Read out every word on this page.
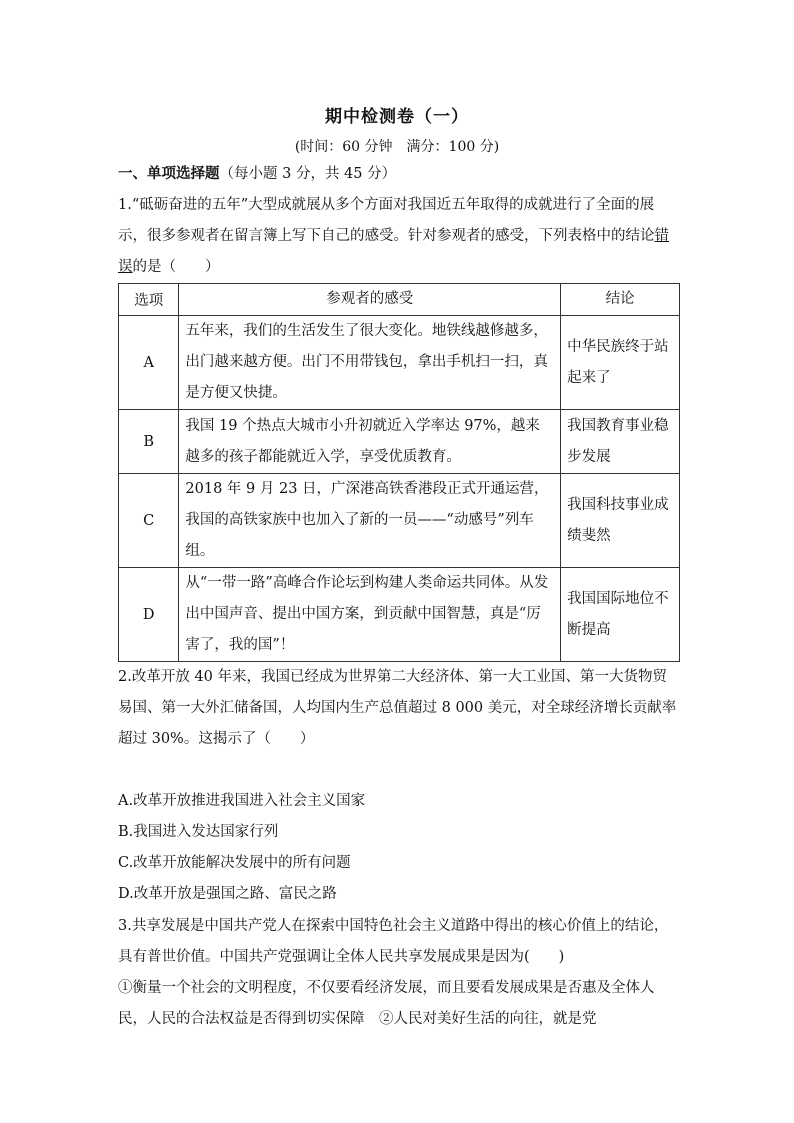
期中检测卷（一）
(时间：60 分钟　满分：100 分)
一、单项选择题（每小题 3 分，共 45 分）
1.“砥砺奋进的五年”大型成就展从多个方面对我国近五年取得的成就进行了全面的展示，很多参观者在留言簿上写下自己的感受。针对参观者的感受，下列表格中的结论错误的是（　　）
选项	参观者的感受	结论
A	五年来，我们的生活发生了很大变化。地铁线越修越多，出门越来越方便。出门不用带钱包，拿出手机扫一扫，真是方便又快捷。	中华民族终于站起来了
B	我国 19 个热点大城市小升初就近入学率达 97%，越来越多的孩子都能就近入学，享受优质教育。	我国教育事业稳步发展
C	2018 年 9 月 23 日，广深港高铁香港段正式开通运营，我国的高铁家族中也加入了新的一员——“动感号”列车组。	我国科技事业成绩斐然
D	从“一带一路”高峰合作论坛到构建人类命运共同体。从发出中国声音、提出中国方案，到贡献中国智慧，真是“厉害了，我的国”！	我国国际地位不断提高
2.改革开放 40 年来，我国已经成为世界第二大经济体、第一大工业国、第一大货物贸易国、第一大外汇储备国，人均国内生产总值超过 8 000 美元，对全球经济增长贡献率超过 30%。这揭示了（　　）
A.改革开放推进我国进入社会主义国家
B.我国进入发达国家行列
C.改革开放能解决发展中的所有问题
D.改革开放是强国之路、富民之路
3.共享发展是中国共产党人在探索中国特色社会主义道路中得出的核心价值上的结论，具有普世价值。中国共产党强调让全体人民共享发展成果是因为(　　)
①衡量一个社会的文明程度，不仅要看经济发展，而且要看发展成果是否惠及全体人民，人民的合法权益是否得到切实保障　②人民对美好生活的向往，就是党
